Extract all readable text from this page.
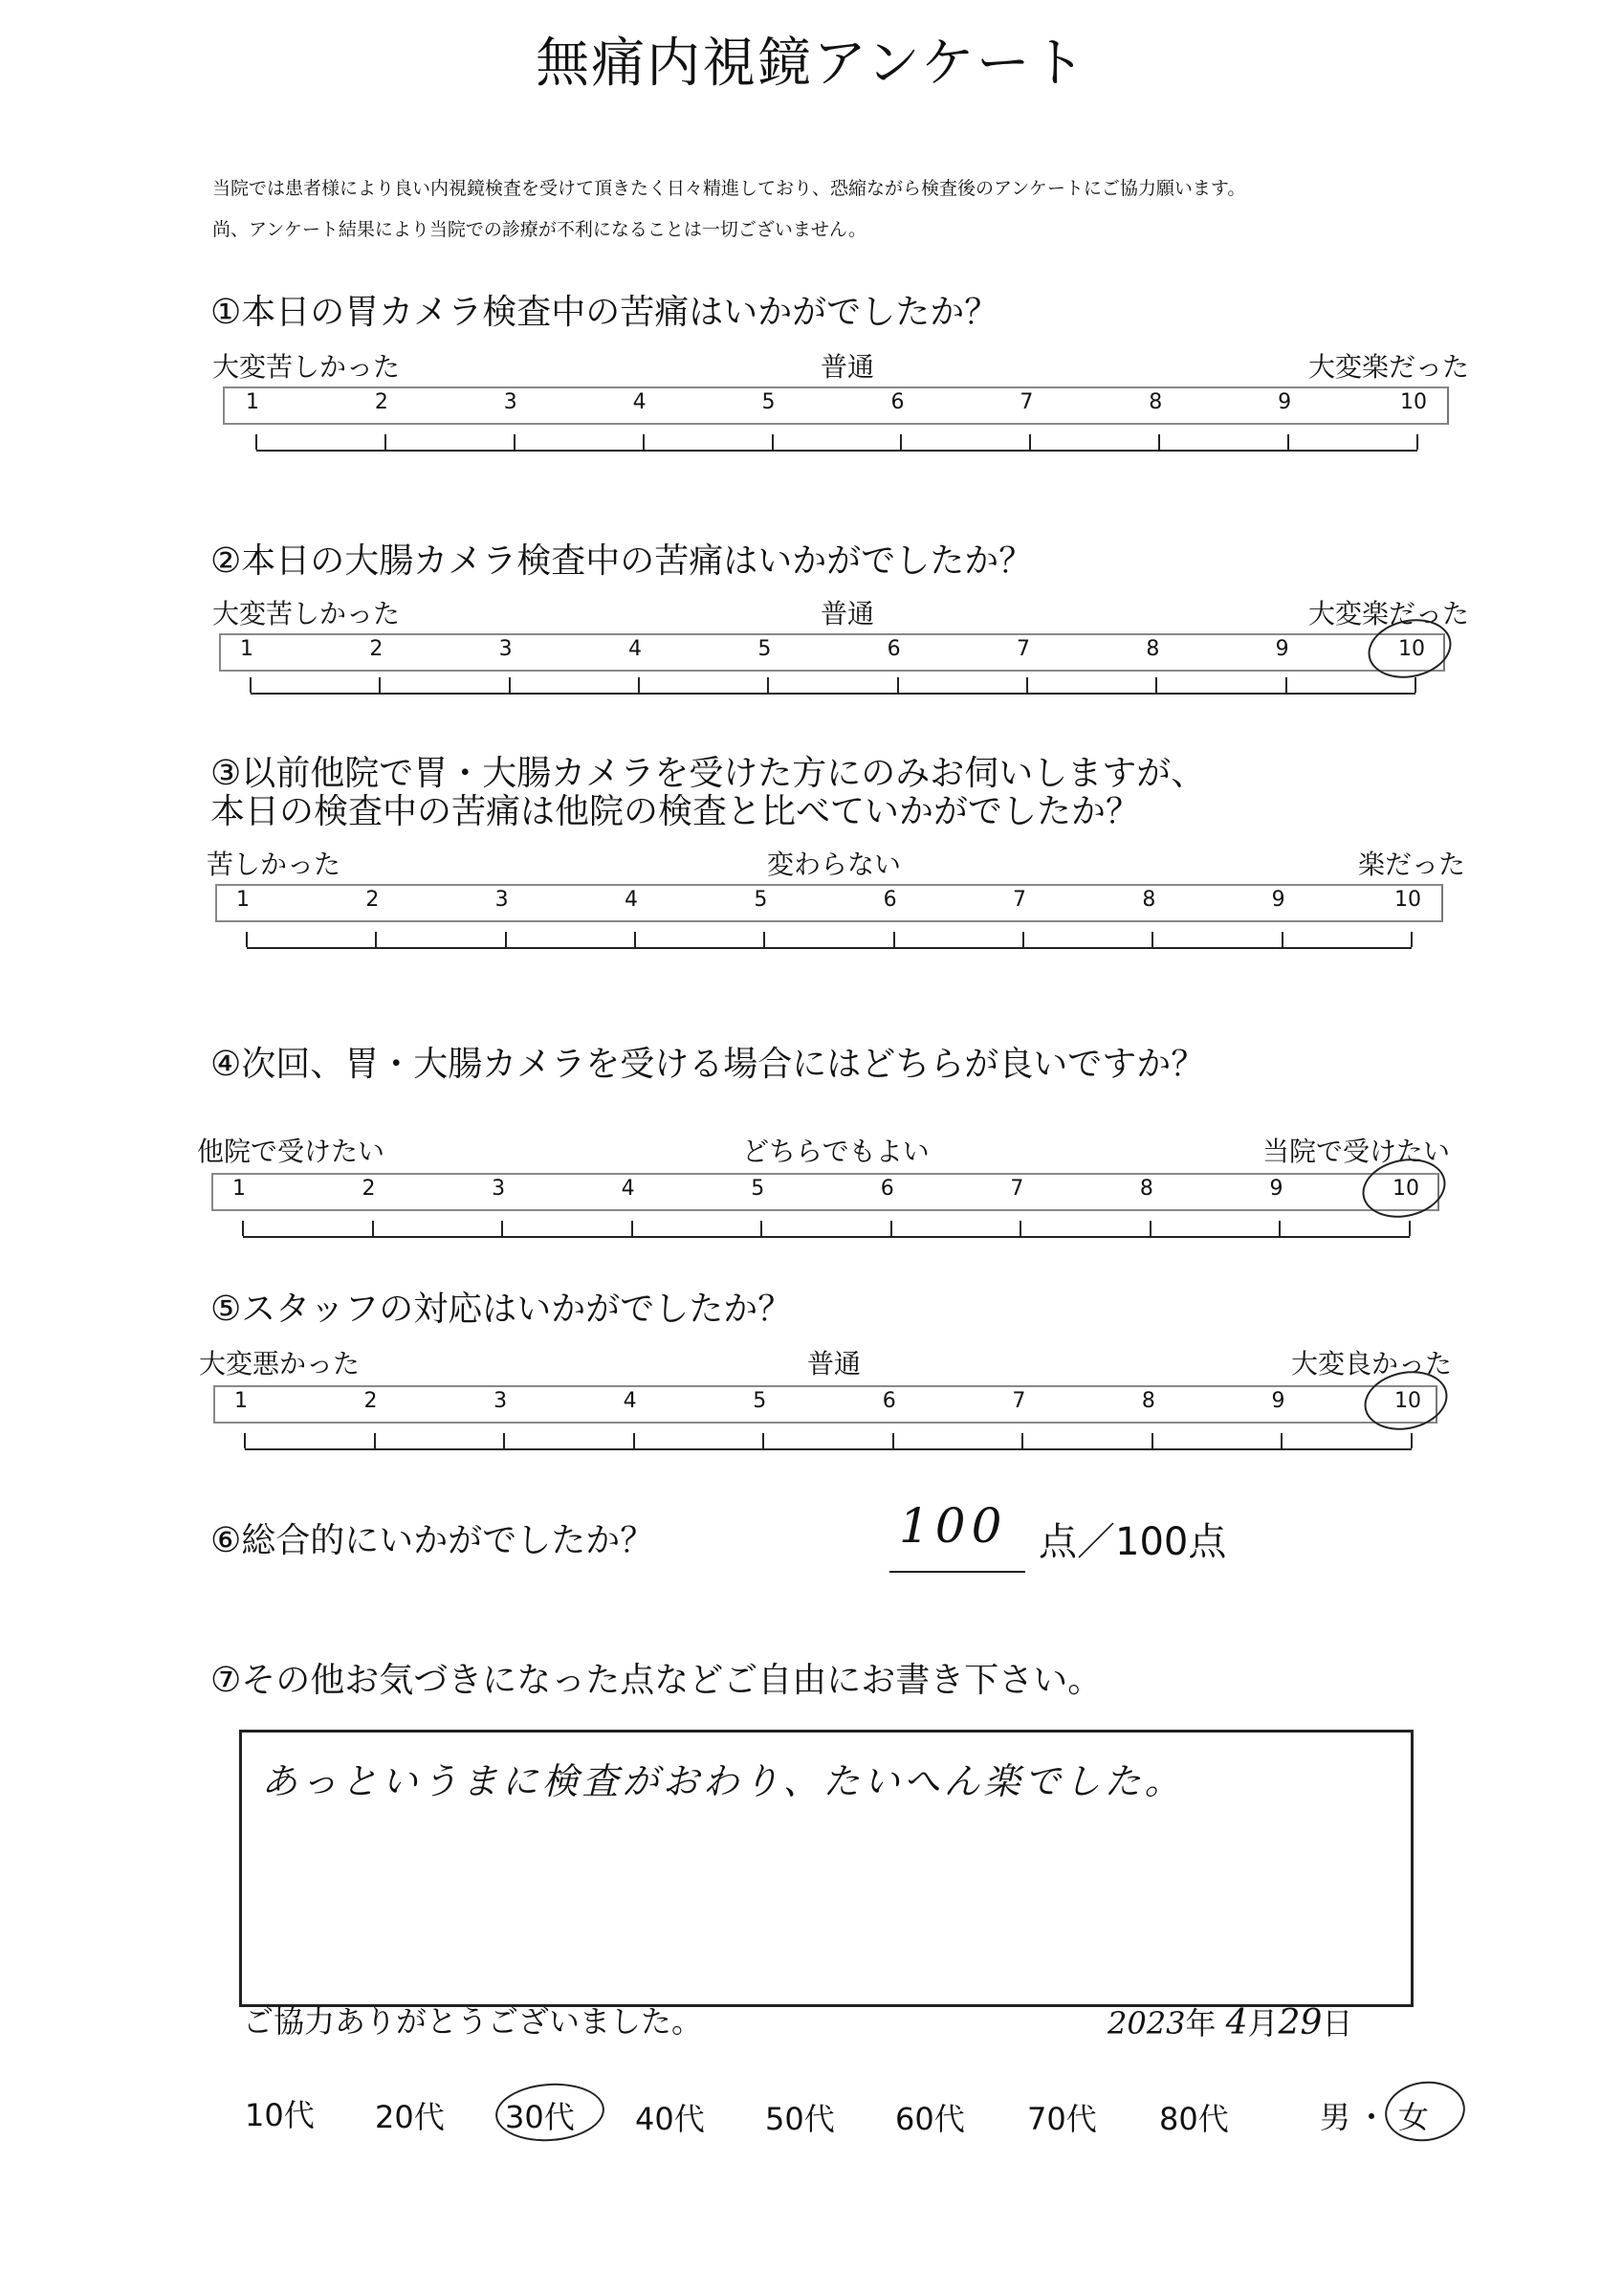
無痛内視鏡アンケート
当院では患者様により良い内視鏡検査を受けて頂きたく日々精進しており、恐縮ながら検査後のアンケートにご協力願います。
尚、アンケート結果により当院での診療が不利になることは一切ございません。
①本日の胃カメラ検査中の苦痛はいかがでしたか？
大変苦しかった	普通	大変楽だった
1	2	3	4	5	6	7	8	9	10
②本日の大腸カメラ検査中の苦痛はいかがでしたか？
大変苦しかった	普通	大変楽だった
1	2	3	4	5	6	7	8	9	10
③以前他院で胃・大腸カメラを受けた方にのみお伺いしますが、
本日の検査中の苦痛は他院の検査と比べていかがでしたか？
苦しかった	変わらない	楽だった
1	2	3	4	5	6	7	8	9	10
④次回、胃・大腸カメラを受ける場合にはどちらが良いですか？
他院で受けたい	どちらでもよい	当院で受けたい
1	2	3	4	5	6	7	8	9	10
⑤スタッフの対応はいかがでしたか？
大変悪かった	普通	大変良かった
1	2	3	4	5	6	7	8	9	10
⑥総合的にいかがでしたか？	100 点／100点
⑦その他お気づきになった点などご自由にお書き下さい。
あっというまに検査がおわり、たいへん楽でした。
ご協力ありがとうございました。	2023年 4月29日
10代 20代 30代 40代 50代 60代 70代 80代	男 ・ 女
